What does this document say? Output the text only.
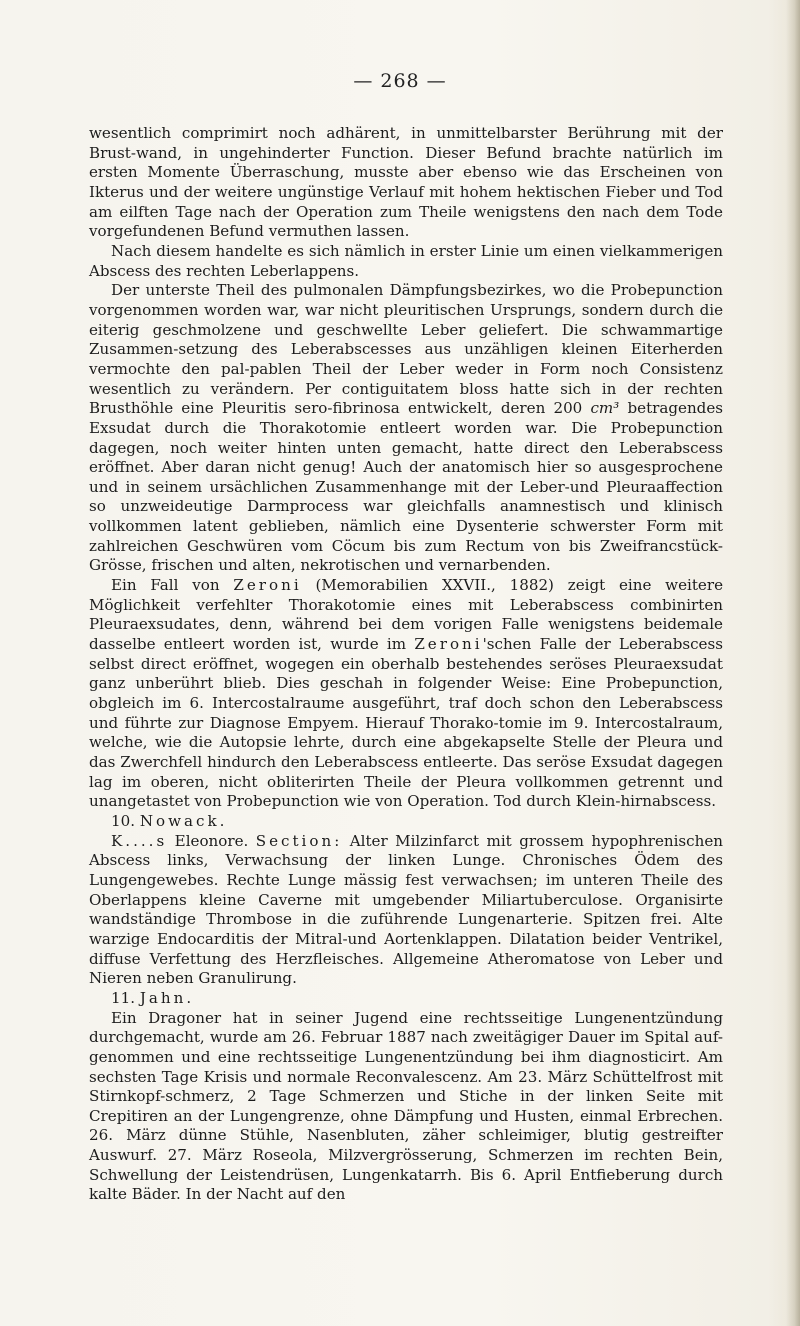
— 268 —

wesentlich comprimirt noch adhärent, in unmittelbarster Berührung mit der Brust-wand, in ungehinderter Function. Dieser Befund brachte natürlich im ersten Momente Überraschung, musste aber ebenso wie das Erscheinen von Ikterus und der weitere ungünstige Verlauf mit hohem hektischen Fieber und Tod am eilften Tage nach der Operation zum Theile wenigstens den nach dem Tode vorgefundenen Befund vermuthen lassen.

Nach diesem handelte es sich nämlich in erster Linie um einen vielkammerigen Abscess des rechten Leberlappens.

Der unterste Theil des pulmonalen Dämpfungsbezirkes, wo die Probepunction vorgenommen worden war, war nicht pleuritischen Ursprungs, sondern durch die eiterig geschmolzene und geschwellte Leber geliefert. Die schwammartige Zusammen-setzung des Leberabscesses aus unzähligen kleinen Eiterherden vermochte den pal-pablen Theil der Leber weder in Form noch Consistenz wesentlich zu verändern. Per contiguitatem bloss hatte sich in der rechten Brusthöhle eine Pleuritis sero-fibrinosa entwickelt, deren 200 cm³ betragendes Exsudat durch die Thorakotomie entleert worden war. Die Probepunction dagegen, noch weiter hinten unten gemacht, hatte direct den Leberabscess eröffnet. Aber daran nicht genug! Auch der anatomisch hier so ausgesprochene und in seinem ursächlichen Zusammenhange mit der Leber-und Pleuraaffection so unzweideutige Darmprocess war gleichfalls anamnestisch und klinisch vollkommen latent geblieben, nämlich eine Dysenterie schwerster Form mit zahlreichen Geschwüren vom Cöcum bis zum Rectum von bis Zweifrancstück-Grösse, frischen und alten, nekrotischen und vernarbenden.

Ein Fall von Zeroni (Memorabilien XXVII., 1882) zeigt eine weitere Möglichkeit verfehlter Thorakotomie eines mit Leberabscess combinirten Pleuraexsudates, denn, während bei dem vorigen Falle wenigstens beidemale dasselbe entleert worden ist, wurde im Zeroni'schen Falle der Leberabscess selbst direct eröffnet, wogegen ein oberhalb bestehendes seröses Pleuraexsudat ganz unberührt blieb. Dies geschah in folgender Weise: Eine Probepunction, obgleich im 6. Intercostalraume ausgeführt, traf doch schon den Leberabscess und führte zur Diagnose Empyem. Hierauf Thorako-tomie im 9. Intercostalraum, welche, wie die Autopsie lehrte, durch eine abgekapselte Stelle der Pleura und das Zwerchfell hindurch den Leberabscess entleerte. Das seröse Exsudat dagegen lag im oberen, nicht obliterirten Theile der Pleura vollkommen getrennt und unangetastet von Probepunction wie von Operation. Tod durch Klein-hirnabscess.

10. Nowack.

K....s Eleonore. Section: Alter Milzinfarct mit grossem hypophrenischen Abscess links, Verwachsung der linken Lunge. Chronisches Ödem des Lungengewebes. Rechte Lunge mässig fest verwachsen; im unteren Theile des Oberlappens kleine Caverne mit umgebender Miliartuberculose. Organisirte wandständige Thrombose in die zuführende Lungenarterie. Spitzen frei. Alte warzige Endocarditis der Mitral-und Aortenklappen. Dilatation beider Ventrikel, diffuse Verfettung des Herzfleisches. Allgemeine Atheromatose von Leber und Nieren neben Granulirung.

11. Jahn.

Ein Dragoner hat in seiner Jugend eine rechtsseitige Lungenentzündung durchgemacht, wurde am 26. Februar 1887 nach zweitägiger Dauer im Spital auf-genommen und eine rechtsseitige Lungenentzündung bei ihm diagnosticirt. Am sechsten Tage Krisis und normale Reconvalescenz. Am 23. März Schüttelfrost mit Stirnkopf-schmerz, 2 Tage Schmerzen und Stiche in der linken Seite mit Crepitiren an der Lungengrenze, ohne Dämpfung und Husten, einmal Erbrechen. 26. März dünne Stühle, Nasenbluten, zäher schleimiger, blutig gestreifter Auswurf. 27. März Roseola, Milzvergrösserung, Schmerzen im rechten Bein, Schwellung der Leistendrüsen, Lungenkatarrh. Bis 6. April Entfieberung durch kalte Bäder. In der Nacht auf den
